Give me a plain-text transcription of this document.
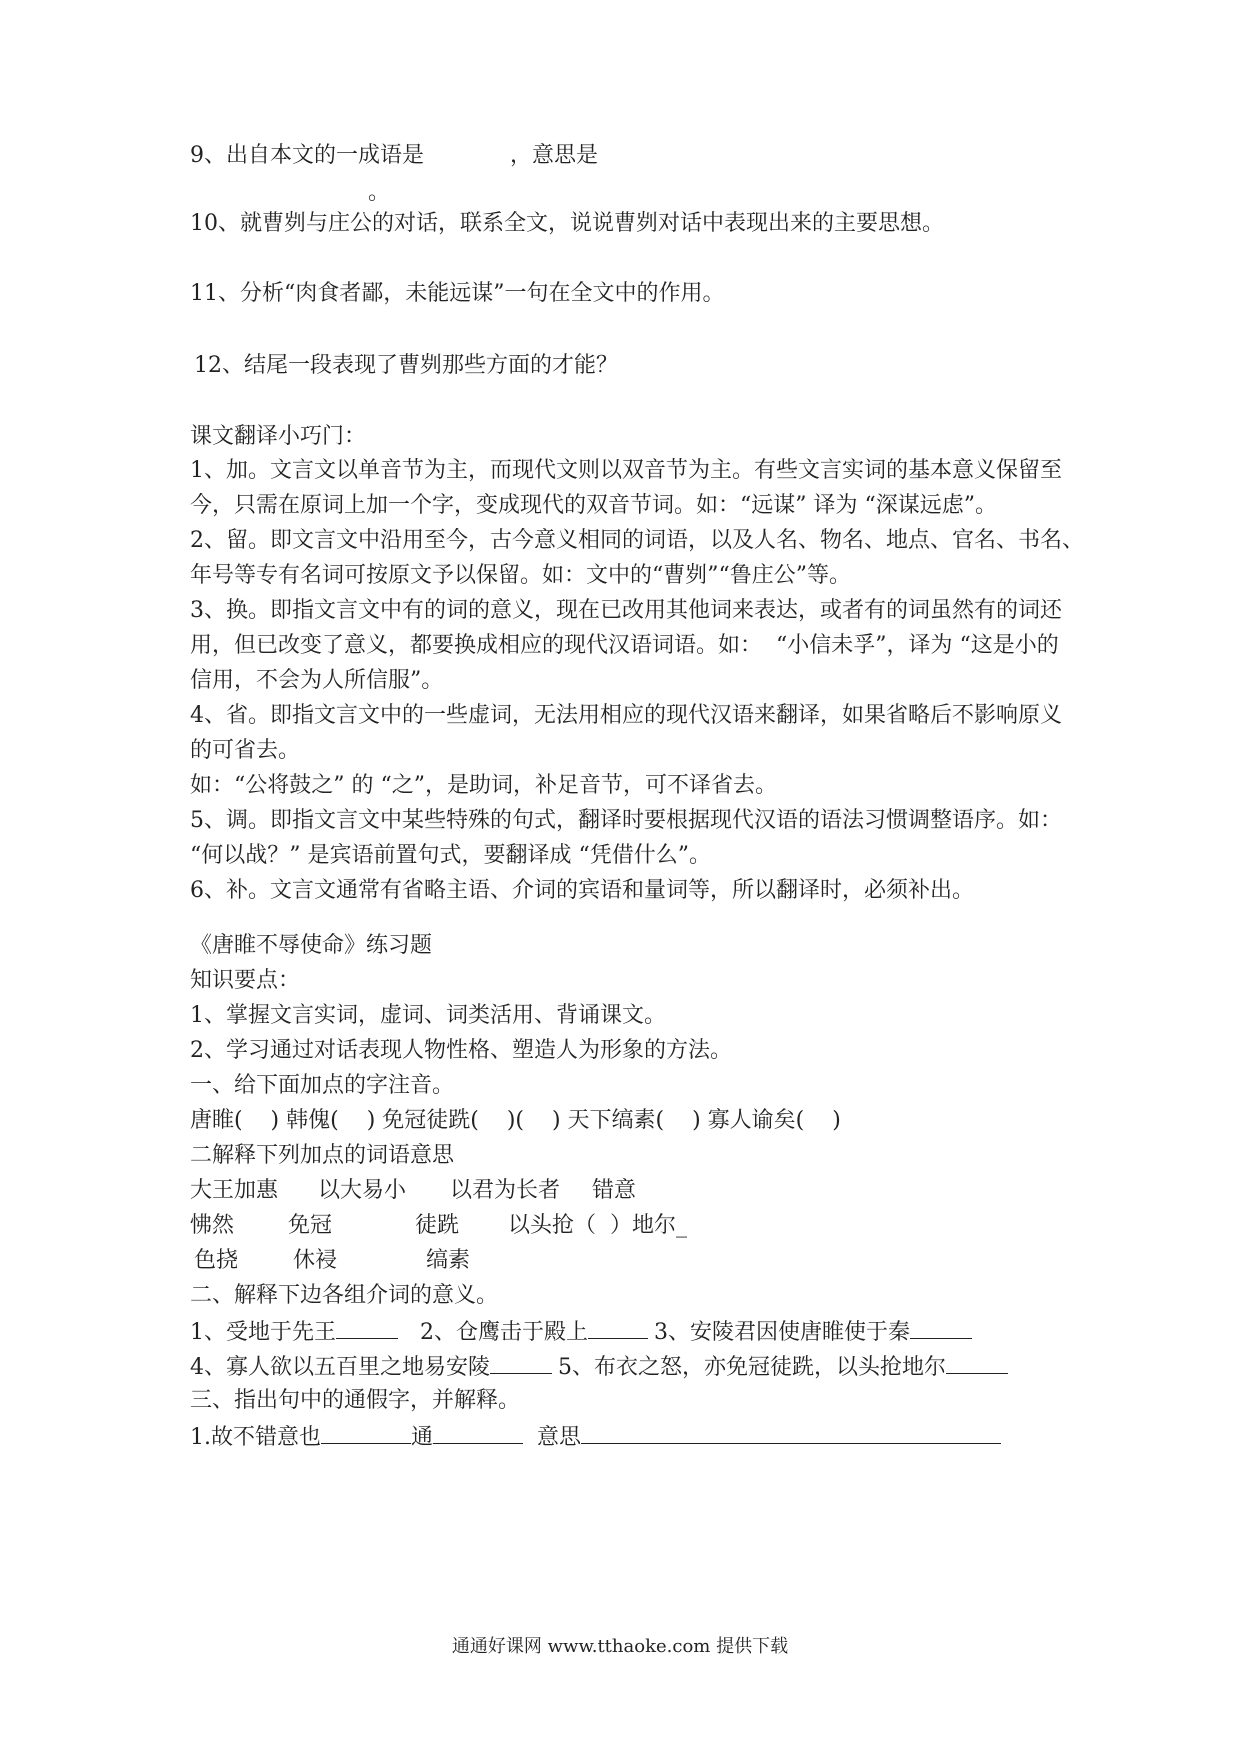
9、出自本文的一成语是	，意思是
。
10、就曹刿与庄公的对话，联系全文，说说曹刿对话中表现出来的主要思想。
11、分析“肉食者鄙，未能远谋”一句在全文中的作用。
12、结尾一段表现了曹刿那些方面的才能？
课文翻译小巧门：
1、加。文言文以单音节为主，而现代文则以双音节为主。有些文言实词的基本意义保留至
今，只需在原词上加一个字，变成现代的双音节词。如：“远谋” 译为 “深谋远虑”。
2、留。即文言文中沿用至今，古今意义相同的词语，以及人名、物名、地点、官名、书名、
年号等专有名词可按原文予以保留。如：文中的“曹刿”“鲁庄公”等。
3、换。即指文言文中有的词的意义，现在已改用其他词来表达，或者有的词虽然有的词还
用，但已改变了意义，都要换成相应的现代汉语词语。如：  “小信未孚”，译为 “这是小的
信用，不会为人所信服”。
4、省。即指文言文中的一些虚词，无法用相应的现代汉语来翻译，如果省略后不影响原义
的可省去。
如：“公将鼓之” 的 “之”，是助词，补足音节，可不译省去。
5、调。即指文言文中某些特殊的句式，翻译时要根据现代汉语的语法习惯调整语序。如：
“何以战？” 是宾语前置句式，要翻译成 “凭借什么”。
6、补。文言文通常有省略主语、介词的宾语和量词等，所以翻译时，必须补出。
《唐睢不辱使命》练习题
知识要点：
1、掌握文言实词，虚词、词类活用、背诵课文。
2、学习通过对话表现人物性格、塑造人为形象的方法。
一、给下面加点的字注音。
唐睢(    ) 韩傀(    ) 免冠徒跣(    )(    ) 天下缟素(    ) 寡人谕矣(    )
二解释下列加点的词语意思
大王加惠 以大易小 以君为长者 错意
怫然 免冠	徒跣 以头抢（  ）地尔_
色挠 休祲	缟素
二、解释下边各组介词的意义。
1、受地于先王	2、仓鹰击于殿上	3、安陵君因使唐睢使于秦
4、寡人欲以五百里之地易安陵	5、布衣之怒，亦免冠徒跣，以头抢地尔
三、指出句中的通假字，并解释。
1.故不错意也	通	意思
通通好课网 www.tthaoke.com 提供下载
